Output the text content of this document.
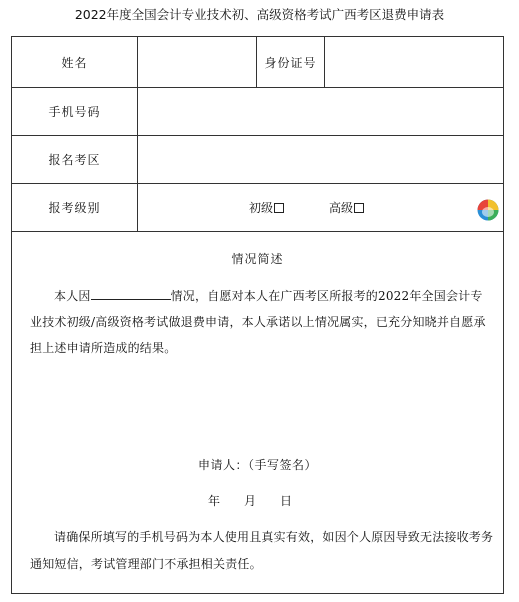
2022年度全国会计专业技术初、高级资格考试广西考区退费申请表
姓名	身份证号
手机号码
报名考区
报考级别	初级	高级
情况简述
本人因	情况，自愿对本人在广西考区所报考的2022年全国会计专业技术初级/高级资格考试做退费申请，本人承诺以上情况属实，已充分知晓并自愿承担上述申请所造成的结果。
申请人：（手写签名）
年 月 日
请确保所填写的手机号码为本人使用且真实有效，如因个人原因导致无法接收考务通知短信，考试管理部门不承担相关责任。
